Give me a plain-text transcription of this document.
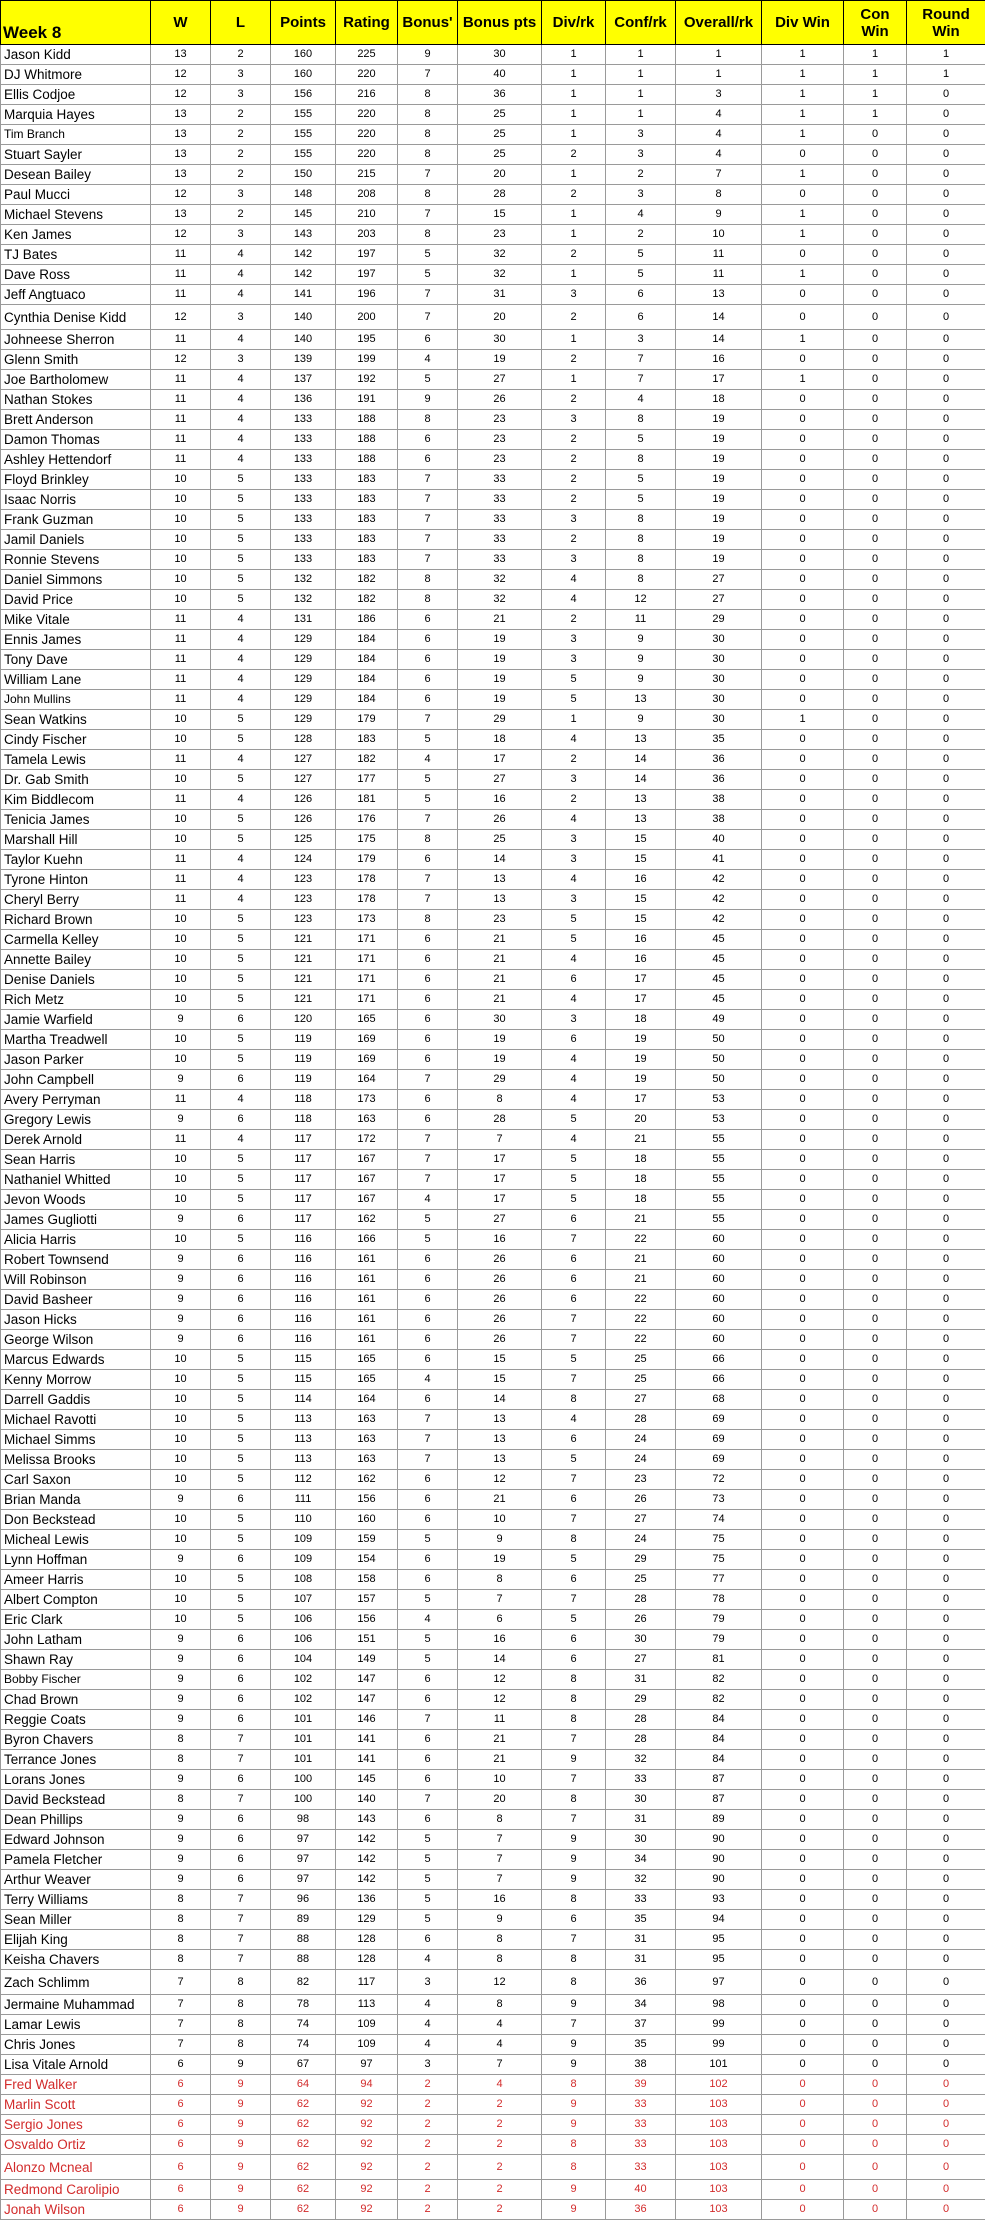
Week 8	W	L	Points	Rating	Bonus'	Bonus pts	Div/rk	Conf/rk	Overall/rk	Div Win	Con Win	Round Win
Jason Kidd	13	2	160	225	9	30	1	1	1	1	1	1
DJ Whitmore	12	3	160	220	7	40	1	1	1	1	1	1
Ellis Codjoe	12	3	156	216	8	36	1	1	3	1	1	0
Marquia Hayes	13	2	155	220	8	25	1	1	4	1	1	0
Tim Branch	13	2	155	220	8	25	1	3	4	1	0	0
Stuart Sayler	13	2	155	220	8	25	2	3	4	0	0	0
Desean Bailey	13	2	150	215	7	20	1	2	7	1	0	0
Paul Mucci	12	3	148	208	8	28	2	3	8	0	0	0
Michael Stevens	13	2	145	210	7	15	1	4	9	1	0	0
Ken James	12	3	143	203	8	23	1	2	10	1	0	0
TJ Bates	11	4	142	197	5	32	2	5	11	0	0	0
Dave Ross	11	4	142	197	5	32	1	5	11	1	0	0
Jeff Angtuaco	11	4	141	196	7	31	3	6	13	0	0	0
Cynthia Denise Kidd	12	3	140	200	7	20	2	6	14	0	0	0
Johneese Sherron	11	4	140	195	6	30	1	3	14	1	0	0
Glenn Smith	12	3	139	199	4	19	2	7	16	0	0	0
Joe Bartholomew	11	4	137	192	5	27	1	7	17	1	0	0
Nathan Stokes	11	4	136	191	9	26	2	4	18	0	0	0
Brett Anderson	11	4	133	188	8	23	3	8	19	0	0	0
Damon Thomas	11	4	133	188	6	23	2	5	19	0	0	0
Ashley Hettendorf	11	4	133	188	6	23	2	8	19	0	0	0
Floyd Brinkley	10	5	133	183	7	33	2	5	19	0	0	0
Isaac Norris	10	5	133	183	7	33	2	5	19	0	0	0
Frank Guzman	10	5	133	183	7	33	3	8	19	0	0	0
Jamil Daniels	10	5	133	183	7	33	2	8	19	0	0	0
Ronnie Stevens	10	5	133	183	7	33	3	8	19	0	0	0
Daniel Simmons	10	5	132	182	8	32	4	8	27	0	0	0
David Price	10	5	132	182	8	32	4	12	27	0	0	0
Mike Vitale	11	4	131	186	6	21	2	11	29	0	0	0
Ennis James	11	4	129	184	6	19	3	9	30	0	0	0
Tony Dave	11	4	129	184	6	19	3	9	30	0	0	0
William Lane	11	4	129	184	6	19	5	9	30	0	0	0
John Mullins	11	4	129	184	6	19	5	13	30	0	0	0
Sean Watkins	10	5	129	179	7	29	1	9	30	1	0	0
Cindy Fischer	10	5	128	183	5	18	4	13	35	0	0	0
Tamela Lewis	11	4	127	182	4	17	2	14	36	0	0	0
Dr. Gab Smith	10	5	127	177	5	27	3	14	36	0	0	0
Kim Biddlecom	11	4	126	181	5	16	2	13	38	0	0	0
Tenicia James	10	5	126	176	7	26	4	13	38	0	0	0
Marshall Hill	10	5	125	175	8	25	3	15	40	0	0	0
Taylor Kuehn	11	4	124	179	6	14	3	15	41	0	0	0
Tyrone Hinton	11	4	123	178	7	13	4	16	42	0	0	0
Cheryl Berry	11	4	123	178	7	13	3	15	42	0	0	0
Richard Brown	10	5	123	173	8	23	5	15	42	0	0	0
Carmella Kelley	10	5	121	171	6	21	5	16	45	0	0	0
Annette Bailey	10	5	121	171	6	21	4	16	45	0	0	0
Denise Daniels	10	5	121	171	6	21	6	17	45	0	0	0
Rich Metz	10	5	121	171	6	21	4	17	45	0	0	0
Jamie Warfield	9	6	120	165	6	30	3	18	49	0	0	0
Martha Treadwell	10	5	119	169	6	19	6	19	50	0	0	0
Jason Parker	10	5	119	169	6	19	4	19	50	0	0	0
John Campbell	9	6	119	164	7	29	4	19	50	0	0	0
Avery Perryman	11	4	118	173	6	8	4	17	53	0	0	0
Gregory Lewis	9	6	118	163	6	28	5	20	53	0	0	0
Derek Arnold	11	4	117	172	7	7	4	21	55	0	0	0
Sean Harris	10	5	117	167	7	17	5	18	55	0	0	0
Nathaniel Whitted	10	5	117	167	7	17	5	18	55	0	0	0
Jevon Woods	10	5	117	167	4	17	5	18	55	0	0	0
James Gugliotti	9	6	117	162	5	27	6	21	55	0	0	0
Alicia Harris	10	5	116	166	5	16	7	22	60	0	0	0
Robert Townsend	9	6	116	161	6	26	6	21	60	0	0	0
Will Robinson	9	6	116	161	6	26	6	21	60	0	0	0
David Basheer	9	6	116	161	6	26	6	22	60	0	0	0
Jason Hicks	9	6	116	161	6	26	7	22	60	0	0	0
George Wilson	9	6	116	161	6	26	7	22	60	0	0	0
Marcus Edwards	10	5	115	165	6	15	5	25	66	0	0	0
Kenny Morrow	10	5	115	165	4	15	7	25	66	0	0	0
Darrell Gaddis	10	5	114	164	6	14	8	27	68	0	0	0
Michael Ravotti	10	5	113	163	7	13	4	28	69	0	0	0
Michael Simms	10	5	113	163	7	13	6	24	69	0	0	0
Melissa Brooks	10	5	113	163	7	13	5	24	69	0	0	0
Carl Saxon	10	5	112	162	6	12	7	23	72	0	0	0
Brian Manda	9	6	111	156	6	21	6	26	73	0	0	0
Don Beckstead	10	5	110	160	6	10	7	27	74	0	0	0
Micheal Lewis	10	5	109	159	5	9	8	24	75	0	0	0
Lynn Hoffman	9	6	109	154	6	19	5	29	75	0	0	0
Ameer Harris	10	5	108	158	6	8	6	25	77	0	0	0
Albert Compton	10	5	107	157	5	7	7	28	78	0	0	0
Eric Clark	10	5	106	156	4	6	5	26	79	0	0	0
John Latham	9	6	106	151	5	16	6	30	79	0	0	0
Shawn Ray	9	6	104	149	5	14	6	27	81	0	0	0
Bobby Fischer	9	6	102	147	6	12	8	31	82	0	0	0
Chad Brown	9	6	102	147	6	12	8	29	82	0	0	0
Reggie Coats	9	6	101	146	7	11	8	28	84	0	0	0
Byron Chavers	8	7	101	141	6	21	7	28	84	0	0	0
Terrance Jones	8	7	101	141	6	21	9	32	84	0	0	0
Lorans Jones	9	6	100	145	6	10	7	33	87	0	0	0
David Beckstead	8	7	100	140	7	20	8	30	87	0	0	0
Dean Phillips	9	6	98	143	6	8	7	31	89	0	0	0
Edward Johnson	9	6	97	142	5	7	9	30	90	0	0	0
Pamela Fletcher	9	6	97	142	5	7	9	34	90	0	0	0
Arthur Weaver	9	6	97	142	5	7	9	32	90	0	0	0
Terry Williams	8	7	96	136	5	16	8	33	93	0	0	0
Sean Miller	8	7	89	129	5	9	6	35	94	0	0	0
Elijah King	8	7	88	128	6	8	7	31	95	0	0	0
Keisha Chavers	8	7	88	128	4	8	8	31	95	0	0	0
Zach Schlimm	7	8	82	117	3	12	8	36	97	0	0	0
Jermaine Muhammad	7	8	78	113	4	8	9	34	98	0	0	0
Lamar Lewis	7	8	74	109	4	4	7	37	99	0	0	0
Chris Jones	7	8	74	109	4	4	9	35	99	0	0	0
Lisa Vitale Arnold	6	9	67	97	3	7	9	38	101	0	0	0
Fred Walker	6	9	64	94	2	4	8	39	102	0	0	0
Marlin Scott	6	9	62	92	2	2	9	33	103	0	0	0
Sergio Jones	6	9	62	92	2	2	9	33	103	0	0	0
Osvaldo Ortiz	6	9	62	92	2	2	8	33	103	0	0	0
Alonzo Mcneal	6	9	62	92	2	2	8	33	103	0	0	0
Redmond Carolipio	6	9	62	92	2	2	9	40	103	0	0	0
Jonah Wilson	6	9	62	92	2	2	9	36	103	0	0	0
